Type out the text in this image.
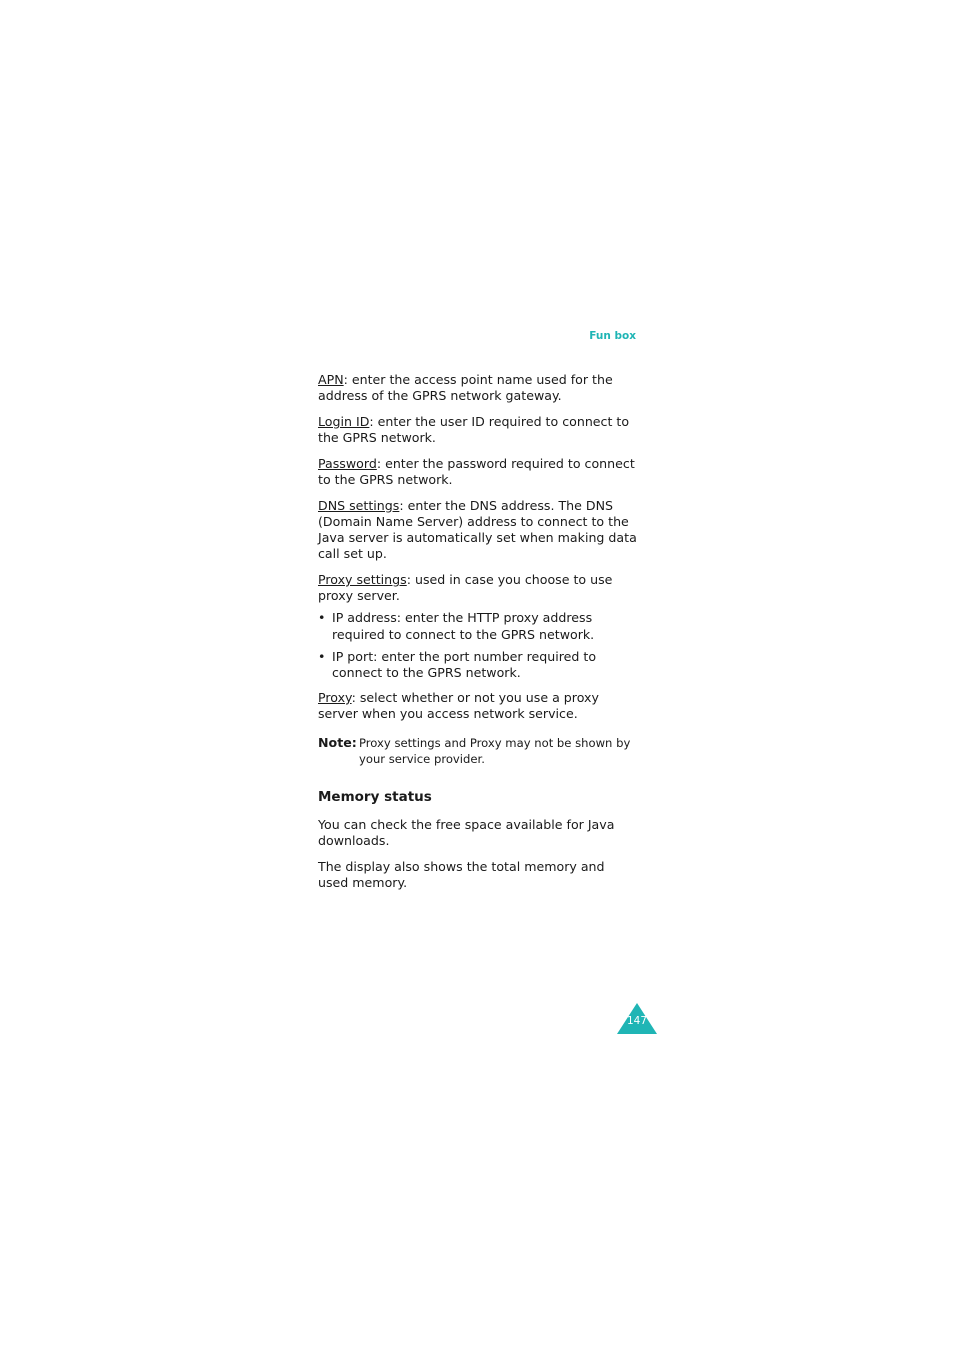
Fun box

APN: enter the access point name used for the address of the GPRS network gateway.

Login ID: enter the user ID required to connect to the GPRS network.

Password: enter the password required to connect to the GPRS network.

DNS settings: enter the DNS address. The DNS (Domain Name Server) address to connect to the Java server is automatically set when making data call set up.

Proxy settings: used in case you choose to use proxy server.

• IP address: enter the HTTP proxy address required to connect to the GPRS network.
• IP port: enter the port number required to connect to the GPRS network.

Proxy: select whether or not you use a proxy server when you access network service.

Note: Proxy settings and Proxy may not be shown by your service provider.
Memory status

You can check the free space available for Java downloads.

The display also shows the total memory and used memory.

147
